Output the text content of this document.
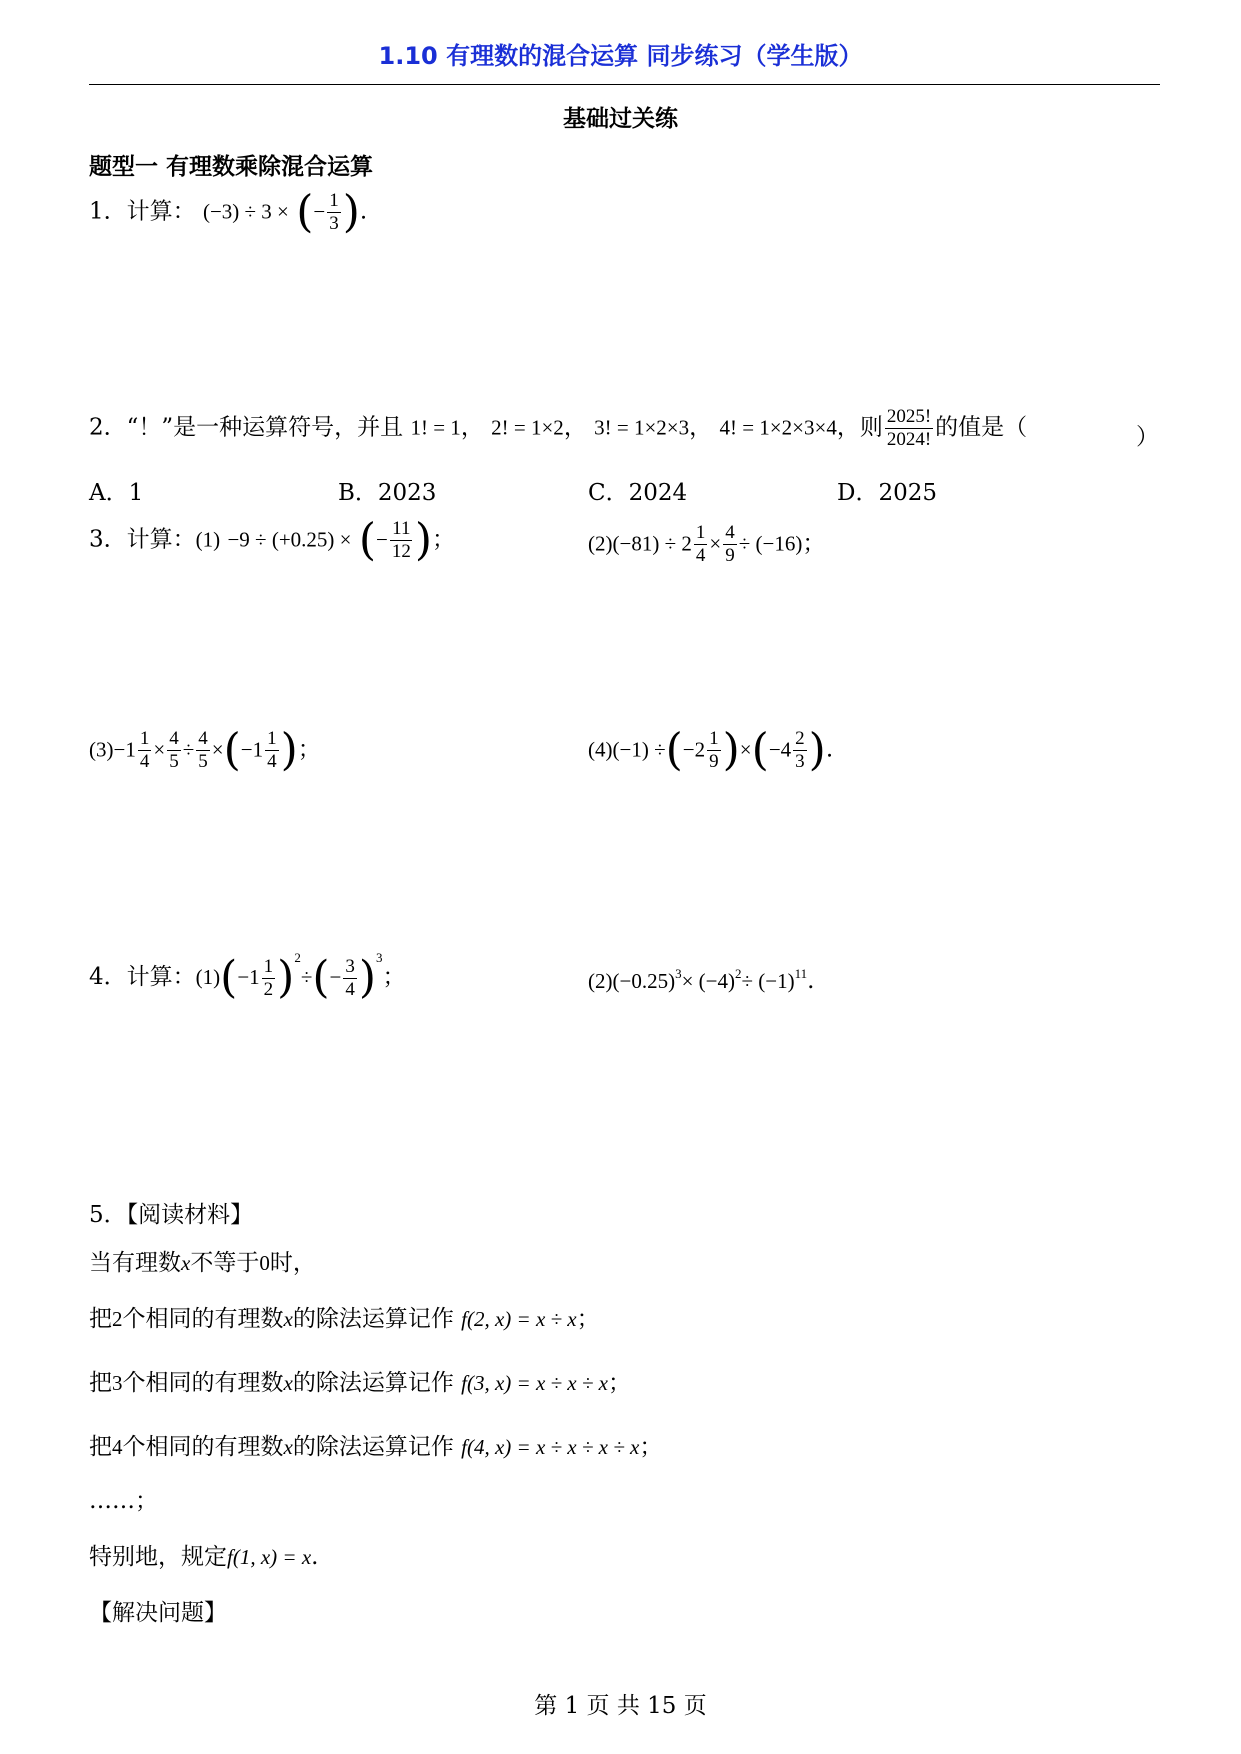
1.10 有理数的混合运算 同步练习（学生版）
基础过关练
题型一 有理数乘除混合运算
1．计算： (−3) ÷ 3 × (− $\frac{1}{3}$ ).
2．“！”是一种运算符号，并且 1! = 1， 2! = 1×2， 3! = 1×2×3， 4! = 1×2×3×4，则 $\frac{2025!}{2024!}$ 的值是（	）
A．1	B．2023	C．2024	D．2025
3．计算：(1) −9 ÷ (+0.25) × (− $\frac{11}{12}$ )；	$(2)(-81) \div 2 \frac{1}{4} \times \frac{4}{9} \div (-16)$；
$(3)-1 \frac{1}{4} \times \frac{4}{5} \div \frac{4}{5} \times(-1 \frac{1}{4}$ )；	$(4)(-1) \div(-2 \frac{1}{9} )\times(-4 \frac{2}{3}$ ).
4．计算：$(1)(-1 \frac{1}{2} )^2\div(- \frac{3}{4} )^3$；	$(2)(-0.25)^3\times (-4)^2\div (-1)^{11}$.
5．【阅读材料】
当有理数x不等于0时，
把2个相同的有理数x的除法运算记作 f(2, x) = x ÷ x；
把3个相同的有理数x的除法运算记作 f(3, x) = x ÷ x ÷ x；
把4个相同的有理数x的除法运算记作 f(4, x) = x ÷ x ÷ x ÷ x；
……；
特别地，规定f(1, x) = x.
【解决问题】
第 1 页 共 15 页
